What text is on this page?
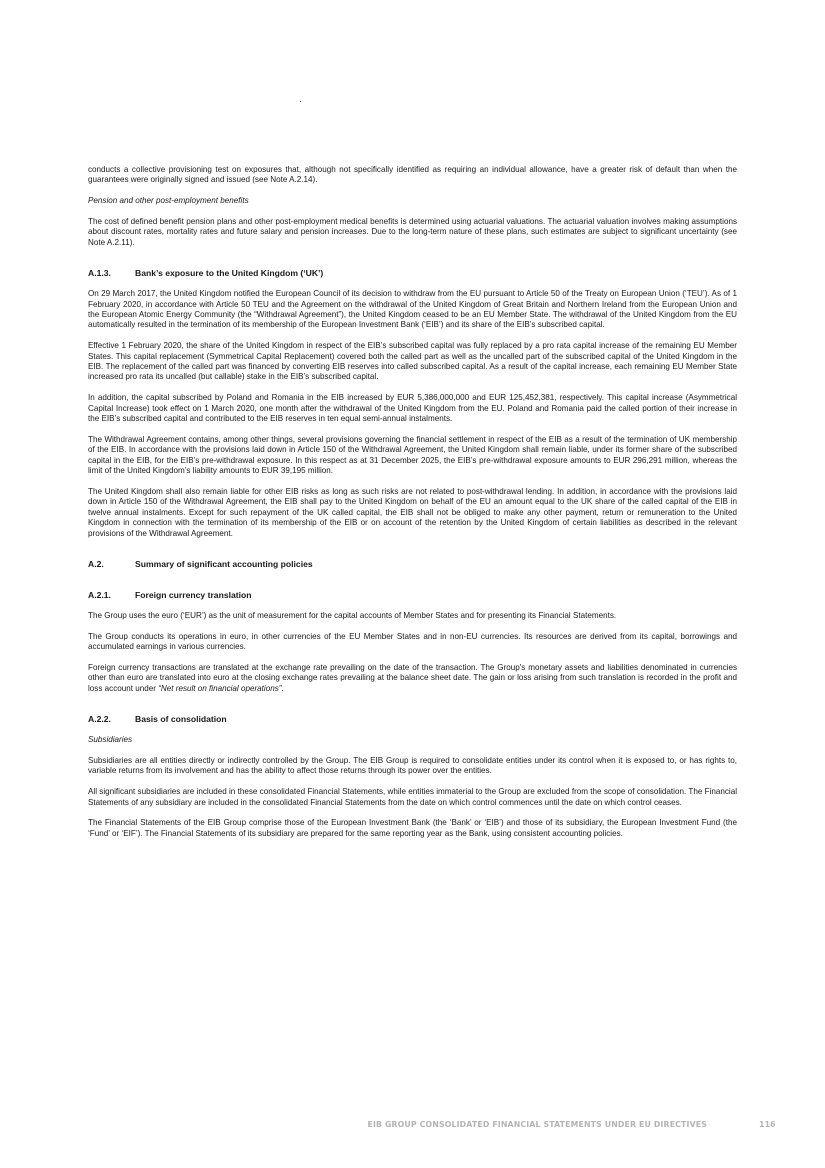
conducts a collective provisioning test on exposures that, although not specifically identified as requiring an individual allowance, have a greater risk of default than when the guarantees were originally signed and issued (see Note A.2.14).

Pension and other post-employment benefits

The cost of defined benefit pension plans and other post-employment medical benefits is determined using actuarial valuations. The actuarial valuation involves making assumptions about discount rates, mortality rates and future salary and pension increases. Due to the long-term nature of these plans, such estimates are subject to significant uncertainty (see Note A.2.11).

A.1.3.	Bank’s exposure to the United Kingdom (‘UK’)

On 29 March 2017, the United Kingdom notified the European Council of its decision to withdraw from the EU pursuant to Article 50 of the Treaty on European Union (‘TEU’). As of 1 February 2020, in accordance with Article 50 TEU and the Agreement on the withdrawal of the United Kingdom of Great Britain and Northern Ireland from the European Union and the European Atomic Energy Community (the “Withdrawal Agreement”), the United Kingdom ceased to be an EU Member State. The withdrawal of the United Kingdom from the EU automatically resulted in the termination of its membership of the European Investment Bank (‘EIB’) and its share of the EIB’s subscribed capital.

Effective 1 February 2020, the share of the United Kingdom in respect of the EIB’s subscribed capital was fully replaced by a pro rata capital increase of the remaining EU Member States. This capital replacement (Symmetrical Capital Replacement) covered both the called part as well as the uncalled part of the subscribed capital of the United Kingdom in the EIB. The replacement of the called part was financed by converting EIB reserves into called subscribed capital. As a result of the capital increase, each remaining EU Member State increased pro rata its uncalled (but callable) stake in the EIB’s subscribed capital.

In addition, the capital subscribed by Poland and Romania in the EIB increased by EUR 5,386,000,000 and EUR 125,452,381, respectively. This capital increase (Asymmetrical Capital Increase) took effect on 1 March 2020, one month after the withdrawal of the United Kingdom from the EU. Poland and Romania paid the called portion of their increase in the EIB’s subscribed capital and contributed to the EIB reserves in ten equal semi-annual instalments.

The Withdrawal Agreement contains, among other things, several provisions governing the financial settlement in respect of the EIB as a result of the termination of UK membership of the EIB. In accordance with the provisions laid down in Article 150 of the Withdrawal Agreement, the United Kingdom shall remain liable, under its former share of the subscribed capital in the EIB, for the EIB’s pre-withdrawal exposure. In this respect as at 31 December 2025, the EIB’s pre-withdrawal exposure amounts to EUR 296,291 million, whereas the limit of the United Kingdom’s liability amounts to EUR 39,195 million.

The United Kingdom shall also remain liable for other EIB risks as long as such risks are not related to post-withdrawal lending. In addition, in accordance with the provisions laid down in Article 150 of the Withdrawal Agreement, the EIB shall pay to the United Kingdom on behalf of the EU an amount equal to the UK share of the called capital of the EIB in twelve annual instalments. Except for such repayment of the UK called capital, the EIB shall not be obliged to make any other payment, return or remuneration to the United Kingdom in connection with the termination of its membership of the EIB or on account of the retention by the United Kingdom of certain liabilities as described in the relevant provisions of the Withdrawal Agreement.

A.2.	Summary of significant accounting policies
A.2.1.	Foreign currency translation

The Group uses the euro (‘EUR’) as the unit of measurement for the capital accounts of Member States and for presenting its Financial Statements.

The Group conducts its operations in euro, in other currencies of the EU Member States and in non-EU currencies. Its resources are derived from its capital, borrowings and accumulated earnings in various currencies.

Foreign currency transactions are translated at the exchange rate prevailing on the date of the transaction. The Group's monetary assets and liabilities denominated in currencies other than euro are translated into euro at the closing exchange rates prevailing at the balance sheet date. The gain or loss arising from such translation is recorded in the profit and loss account under “Net result on financial operations”.

A.2.2.	Basis of consolidation

Subsidiaries

Subsidiaries are all entities directly or indirectly controlled by the Group. The EIB Group is required to consolidate entities under its control when it is exposed to, or has rights to, variable returns from its involvement and has the ability to affect those returns through its power over the entities.

All significant subsidiaries are included in these consolidated Financial Statements, while entities immaterial to the Group are excluded from the scope of consolidation. The Financial Statements of any subsidiary are included in the consolidated Financial Statements from the date on which control commences until the date on which control ceases.

The Financial Statements of the EIB Group comprise those of the European Investment Bank (the ‘Bank’ or ‘EIB’) and those of its subsidiary, the European Investment Fund (the ‘Fund’ or ‘EIF’). The Financial Statements of its subsidiary are prepared for the same reporting year as the Bank, using consistent accounting policies.

EIB GROUP CONSOLIDATED FINANCIAL STATEMENTS UNDER EU DIRECTIVES	116
